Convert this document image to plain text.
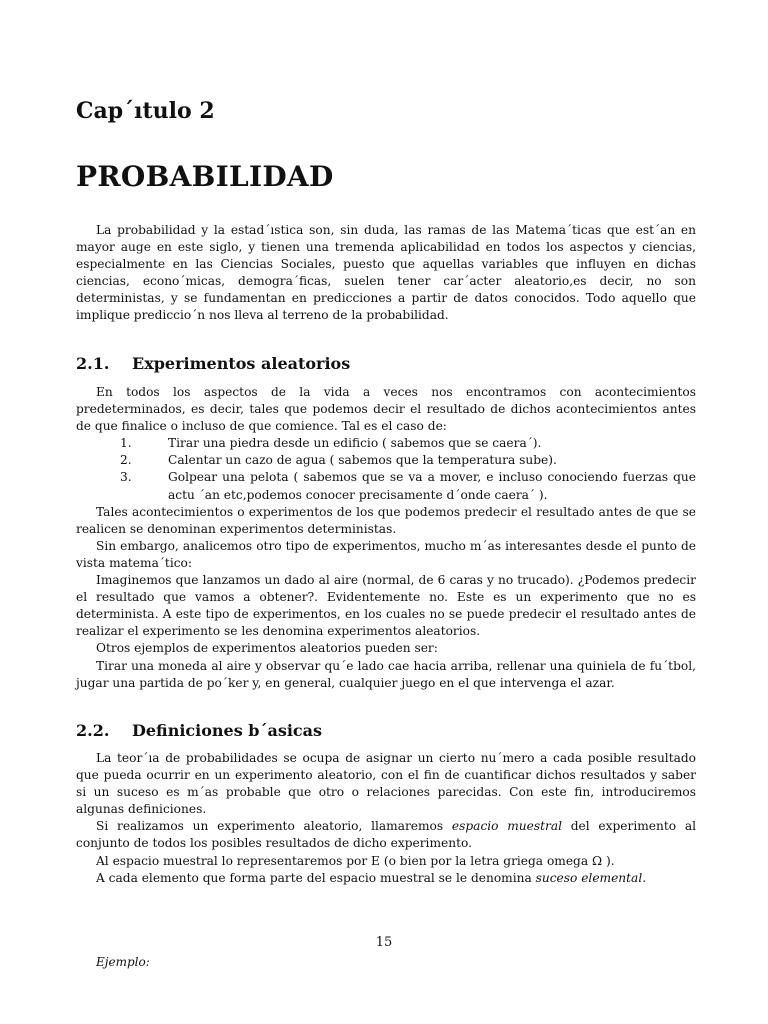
Cap´ıtulo 2
PROBABILIDAD

La probabilidad y la estad´ıstica son, sin duda, las ramas de las Matema´ticas que est´an en mayor auge en este siglo, y tienen una tremenda aplicabilidad en todos los aspectos y ciencias, especialmente en las Ciencias Sociales, puesto que aquellas variables que influyen en dichas ciencias, econo´micas, demogra´ficas, suelen tener car´acter aleatorio,es decir, no son deterministas, y se fundamentan en predicciones a partir de datos conocidos. Todo aquello que implique prediccio´n nos lleva al terreno de la probabilidad.

2.1. Experimentos aleatorios

En todos los aspectos de la vida a veces nos encontramos con acontecimientos predeterminados, es decir, tales que podemos decir el resultado de dichos acontecimientos antes de que finalice o incluso de que comience. Tal es el caso de:

1.	Tirar una piedra desde un edificio ( sabemos que se caera´).
2.	Calentar un cazo de agua ( sabemos que la temperatura sube).
3.	Golpear una pelota ( sabemos que se va a mover, e incluso conociendo fuerzas que actu ´an etc,podemos conocer precisamente d´onde caera´ ).

Tales acontecimientos o experimentos de los que podemos predecir el resultado antes de que se realicen se denominan experimentos deterministas.

Sin embargo, analicemos otro tipo de experimentos, mucho m´as interesantes desde el punto de vista matema´tico:

Imaginemos que lanzamos un dado al aire (normal, de 6 caras y no trucado). ¿Podemos predecir el resultado que vamos a obtener?. Evidentemente no. Este es un experimento que no es determinista. A este tipo de experimentos, en los cuales no se puede predecir el resultado antes de realizar el experimento se les denomina experimentos aleatorios.

Otros ejemplos de experimentos aleatorios pueden ser:

Tirar una moneda al aire y observar qu´e lado cae hacia arriba, rellenar una quiniela de fu´tbol, jugar una partida de po´ker y, en general, cualquier juego en el que intervenga el azar.

2.2. Definiciones b´asicas

La teor´ıa de probabilidades se ocupa de asignar un cierto nu´mero a cada posible resultado que pueda ocurrir en un experimento aleatorio, con el fin de cuantificar dichos resultados y saber si un suceso es m´as probable que otro o relaciones parecidas. Con este fin, introduciremos algunas definiciones.

Si realizamos un experimento aleatorio, llamaremos espacio muestral del experimento al conjunto de todos los posibles resultados de dicho experimento.

Al espacio muestral lo representaremos por E (o bien por la letra griega omega Ω ).

A cada elemento que forma parte del espacio muestral se le denomina suceso elemental.

15
Ejemplo:
